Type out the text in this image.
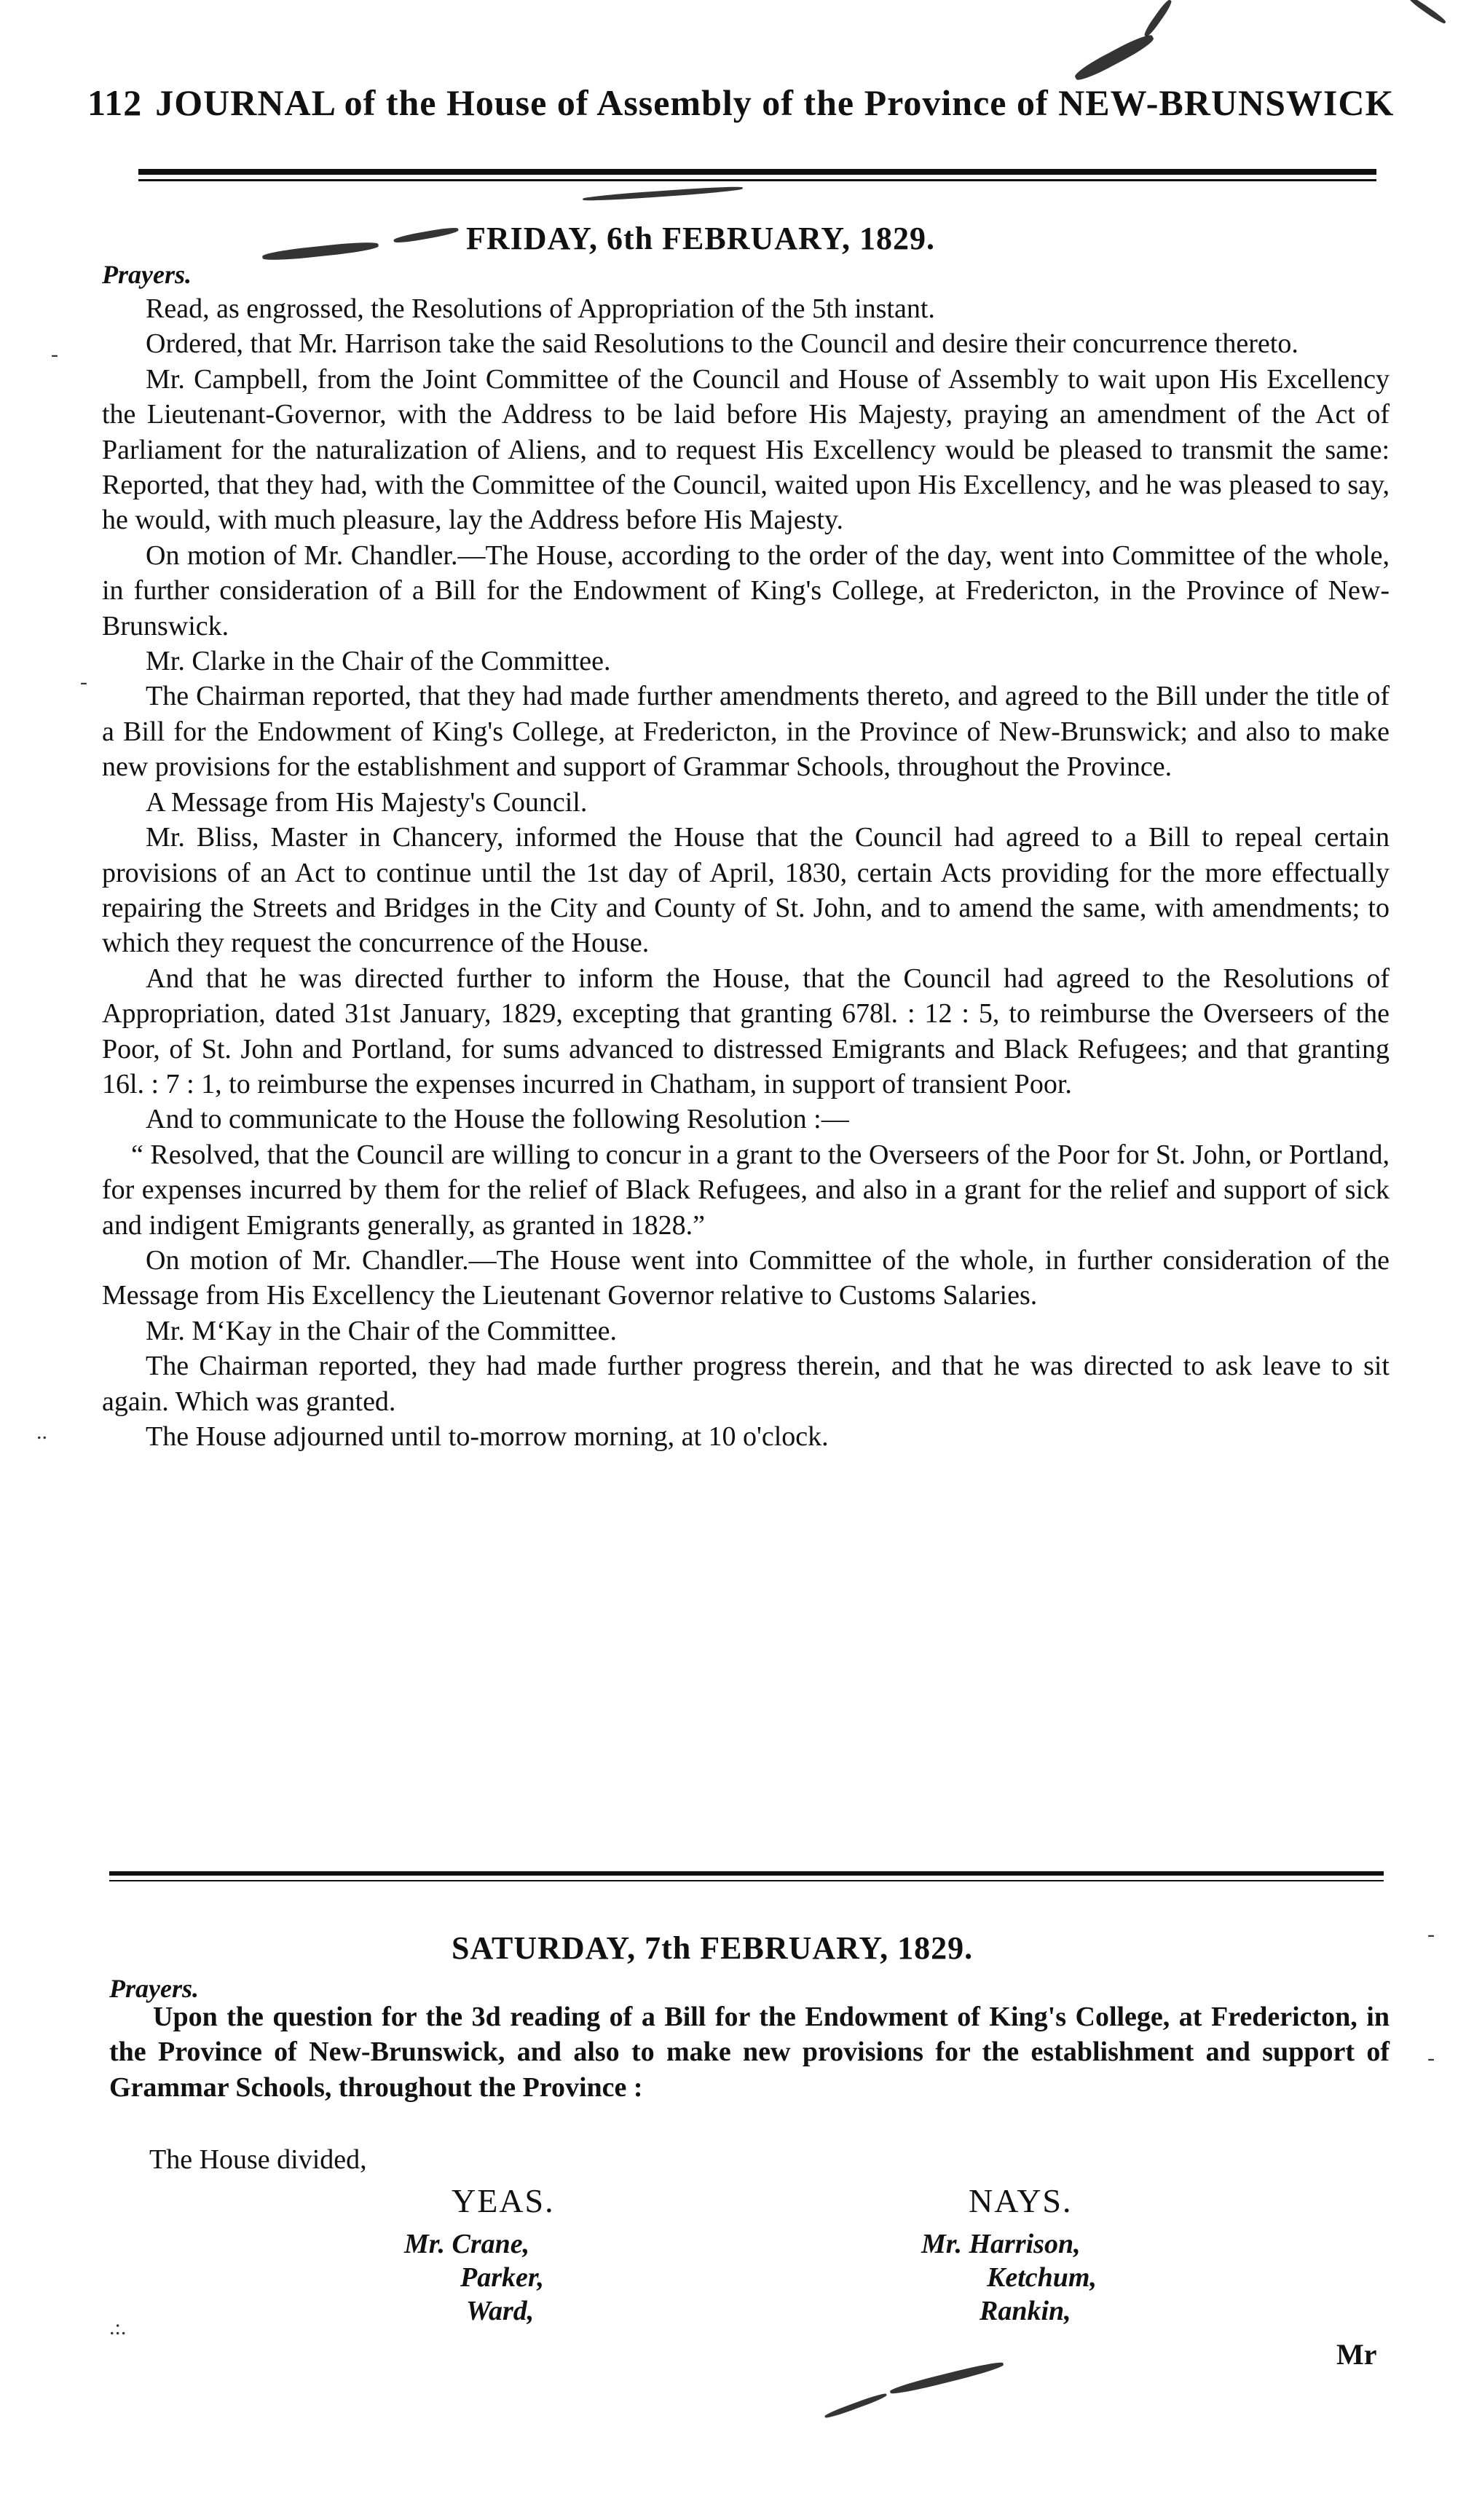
112 JOURNAL of the House of Assembly of the Province of NEW-BRUNSWICK
FRIDAY, 6th FEBRUARY, 1829.
Prayers.

Read, as engrossed, the Resolutions of Appropriation of the 5th instant.

Ordered, that Mr. Harrison take the said Resolutions to the Council and desire their concurrence thereto.

Mr. Campbell, from the Joint Committee of the Council and House of Assembly to wait upon His Excellency the Lieutenant-Governor, with the Address to be laid before His Majesty, praying an amendment of the Act of Parliament for the naturalization of Aliens, and to request His Excellency would be pleased to transmit the same: Reported, that they had, with the Committee of the Council, waited upon His Excellency, and he was pleased to say, he would, with much pleasure, lay the Address before His Majesty.

On motion of Mr. Chandler.—The House, according to the order of the day, went into Committee of the whole, in further consideration of a Bill for the Endowment of King's College, at Fredericton, in the Province of New-Brunswick.

Mr. Clarke in the Chair of the Committee.

The Chairman reported, that they had made further amendments thereto, and agreed to the Bill under the title of a Bill for the Endowment of King's College, at Fredericton, in the Province of New-Brunswick; and also to make new provisions for the establishment and support of Grammar Schools, throughout the Province.

A Message from His Majesty's Council.

Mr. Bliss, Master in Chancery, informed the House that the Council had agreed to a Bill to repeal certain provisions of an Act to continue until the 1st day of April, 1830, certain Acts providing for the more effectually repairing the Streets and Bridges in the City and County of St. John, and to amend the same, with amendments; to which they request the concurrence of the House.

And that he was directed further to inform the House, that the Council had agreed to the Resolutions of Appropriation, dated 31st January, 1829, excepting that granting 678l. : 12 : 5, to reimburse the Overseers of the Poor, of St. John and Portland, for sums advanced to distressed Emigrants and Black Refugees; and that granting 16l. : 7 : 1, to reimburse the expenses incurred in Chatham, in support of transient Poor.

And to communicate to the House the following Resolution :—

“ Resolved, that the Council are willing to concur in a grant to the Overseers of the Poor for St. John, or Portland, for expenses incurred by them for the relief of Black Refugees, and also in a grant for the relief and support of sick and indigent Emigrants generally, as granted in 1828.”

On motion of Mr. Chandler.—The House went into Committee of the whole, in further consideration of the Message from His Excellency the Lieutenant Governor relative to Customs Salaries.

Mr. M‘Kay in the Chair of the Committee.

The Chairman reported, they had made further progress therein, and that he was directed to ask leave to sit again. Which was granted.

The House adjourned until to-morrow morning, at 10 o'clock.

SATURDAY, 7th FEBRUARY, 1829.
Prayers.

Upon the question for the 3d reading of a Bill for the Endowment of King's College, at Fredericton, in the Province of New-Brunswick, and also to make new provisions for the establishment and support of Grammar Schools, throughout the Province :

The House divided,
YEAS.	NAYS.
Mr. Crane,
Parker,
Ward,
Mr. Harrison,
Ketchum,
Rankin,
Mr
-
-
..
-
-
.:.
